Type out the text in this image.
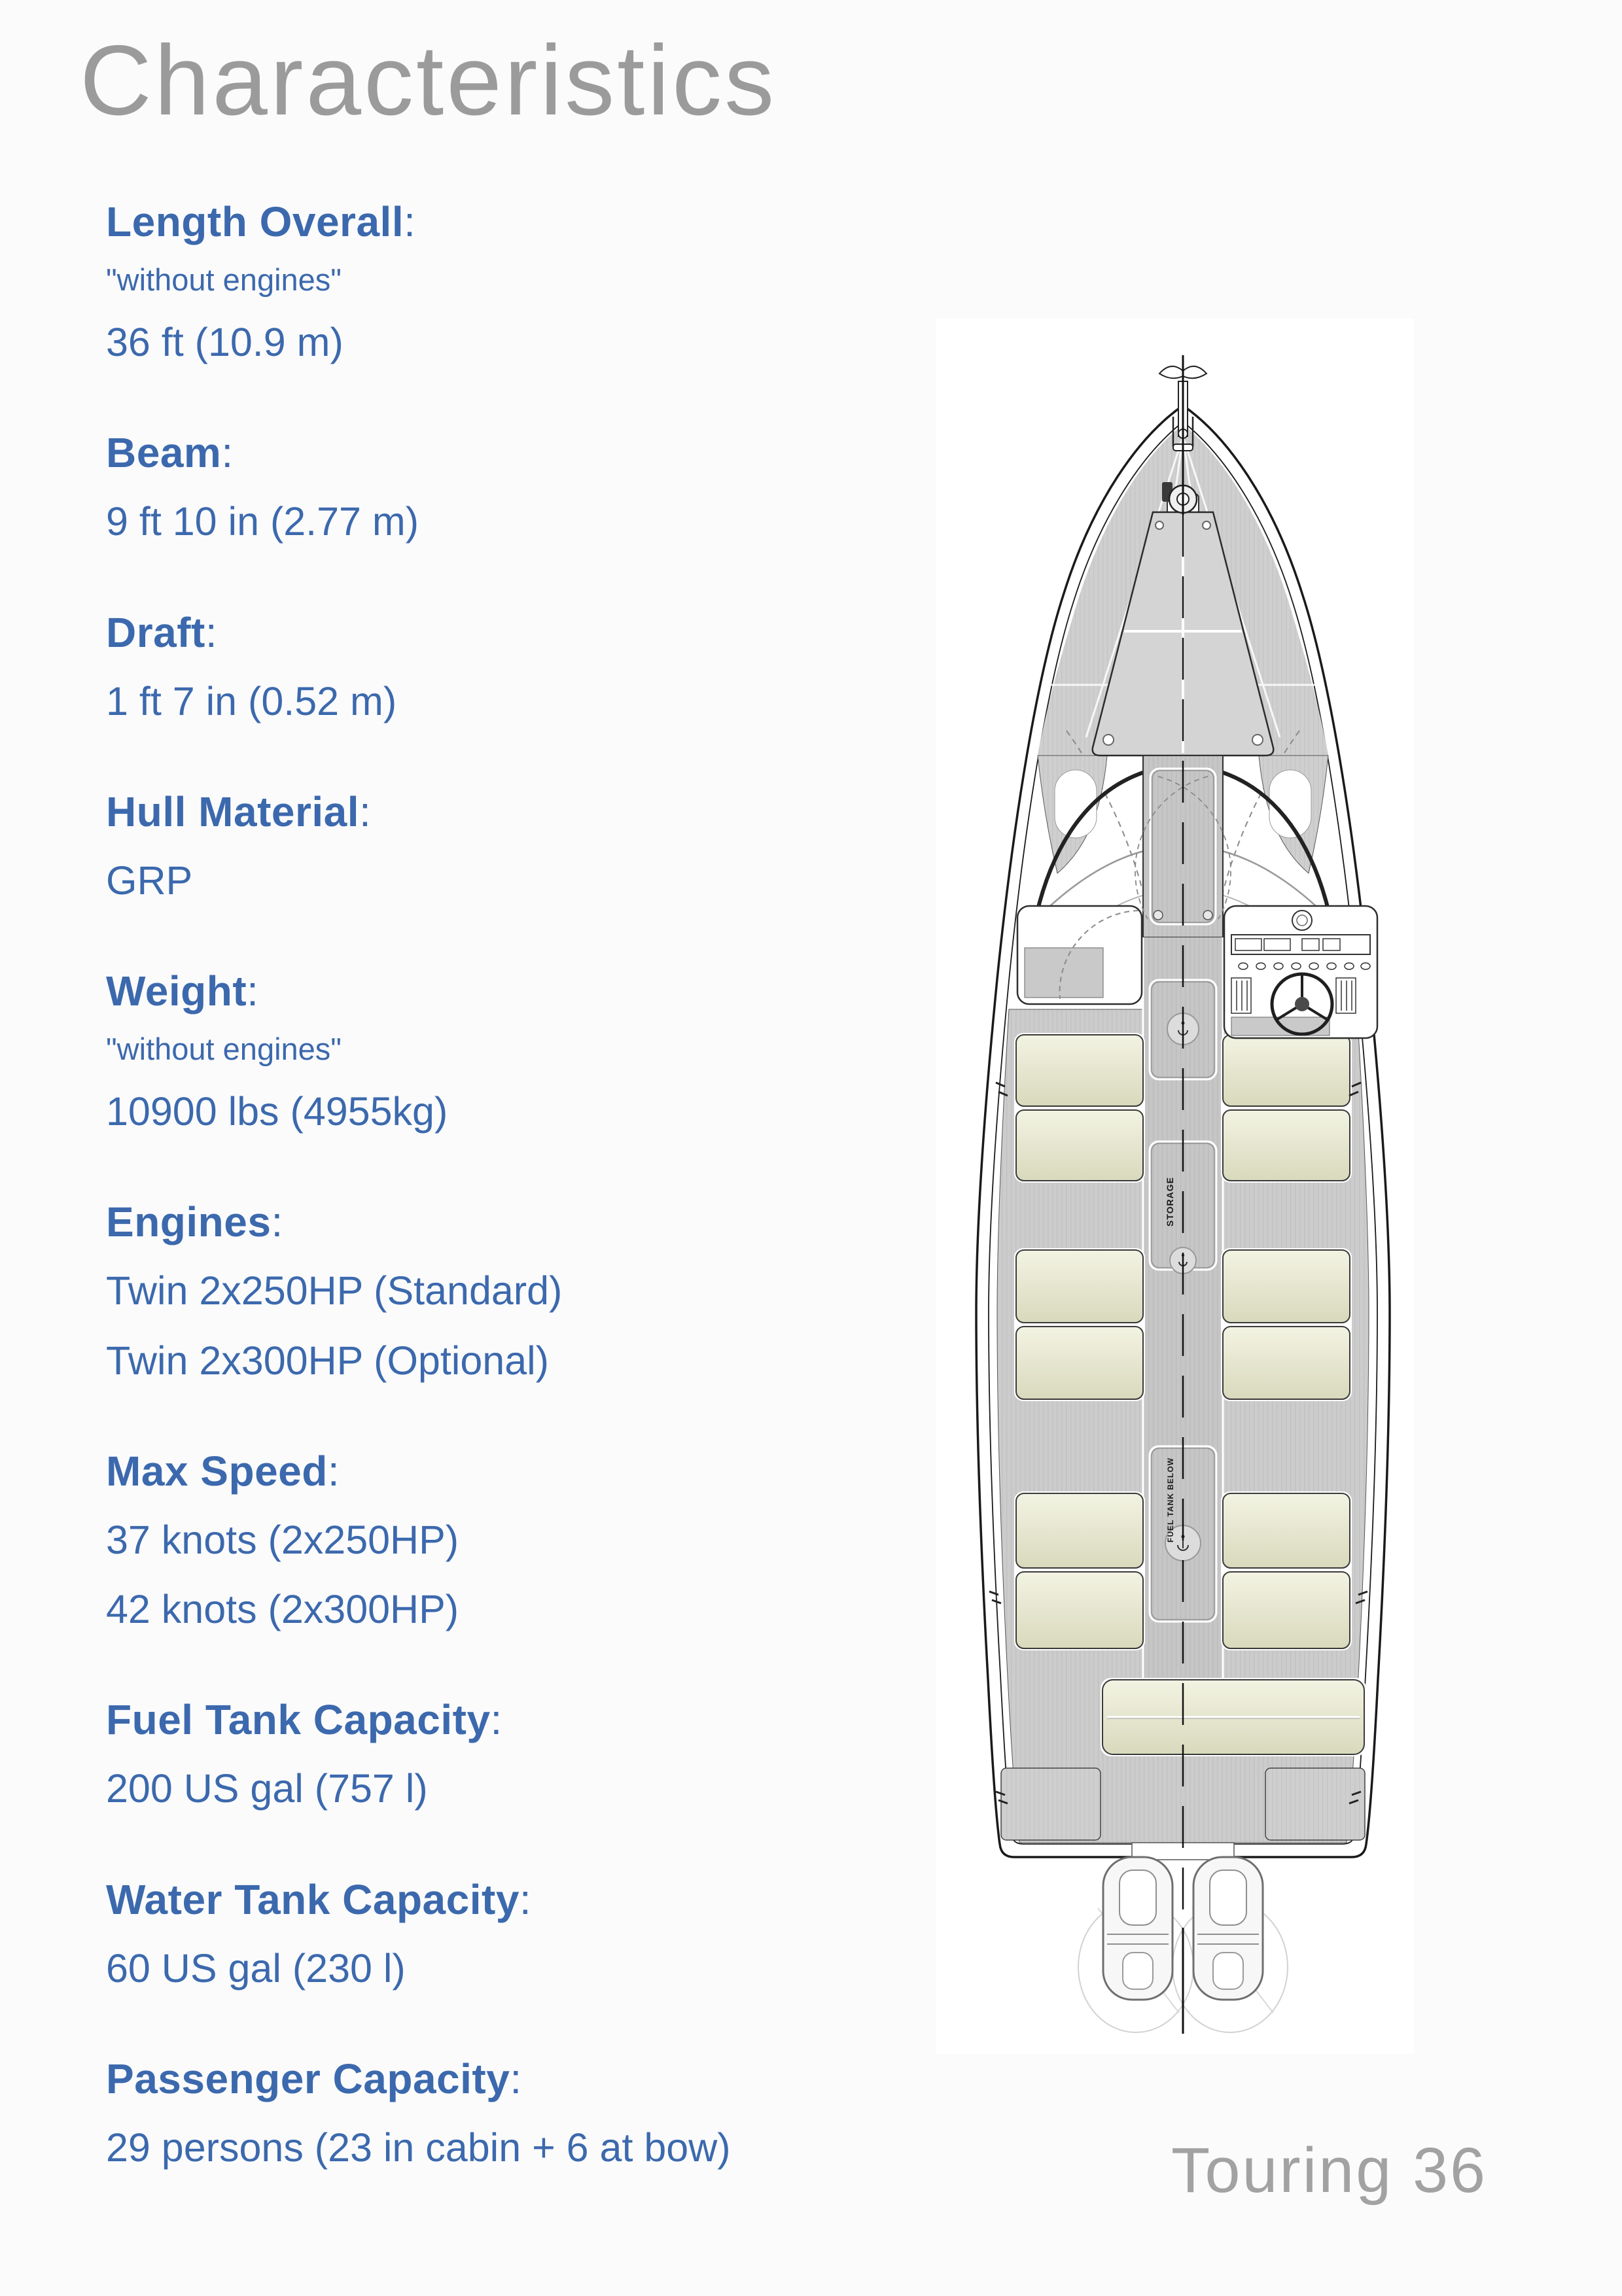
Characteristics
Length Overall:
"without engines"
36 ft (10.9 m)
Beam:
9 ft 10 in (2.77 m)
Draft:
1 ft 7 in (0.52 m)
Hull Material:
GRP
Weight:
"without engines"
10900 lbs (4955kg)
Engines:
Twin 2x250HP (Standard)
Twin 2x300HP (Optional)
Max Speed:
37 knots (2x250HP)
42 knots (2x300HP)
Fuel Tank Capacity:
200 US gal (757 l)
Water Tank Capacity:
60 US gal (230 l)
Passenger Capacity:
29 persons (23 in cabin + 6 at bow)	Touring 36
STORAGE
FUEL TANK BELOW
